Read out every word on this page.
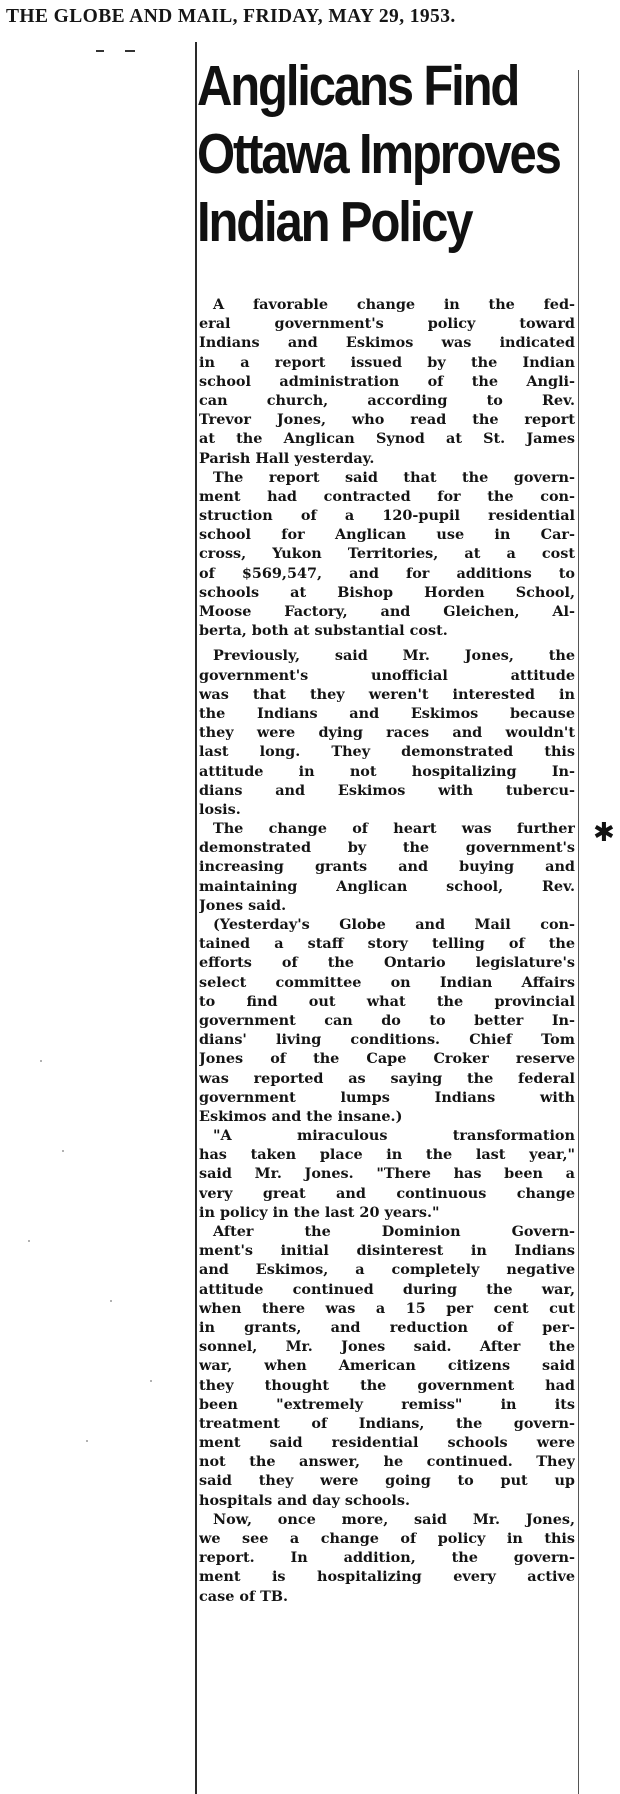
THE GLOBE AND MAIL, FRIDAY, MAY 29, 1953.
Anglicans Find
Ottawa Improves
Indian Policy

A favorable change in the fed-
eral government's policy toward
Indians and Eskimos was indicated
in a report issued by the Indian
school administration of the Angli-
can church, according to Rev.
Trevor Jones, who read the report
at the Anglican Synod at St. James
Parish Hall yesterday.

The report said that the govern-
ment had contracted for the con-
struction of a 120-pupil residential
school for Anglican use in Car-
cross, Yukon Territories, at a cost
of $569,547, and for additions to
schools at Bishop Horden School,
Moose Factory, and Gleichen, Al-
berta, both at substantial cost.

Previously, said Mr. Jones, the
government's unofficial attitude
was that they weren't interested in
the Indians and Eskimos because
they were dying races and wouldn't
last long. They demonstrated this
attitude in not hospitalizing In-
dians and Eskimos with tubercu-
losis.

The change of heart was further
demonstrated by the government's
increasing grants and buying and
maintaining Anglican school, Rev.
Jones said.

(Yesterday's Globe and Mail con-
tained a staff story telling of the
efforts of the Ontario legislature's
select committee on Indian Affairs
to find out what the provincial
government can do to better In-
dians' living conditions. Chief Tom
Jones of the Cape Croker reserve
was reported as saying the federal
government lumps Indians with
Eskimos and the insane.)

"A miraculous transformation
has taken place in the last year,"
said Mr. Jones. "There has been a
very great and continuous change
in policy in the last 20 years."

After the Dominion Govern-
ment's initial disinterest in Indians
and Eskimos, a completely negative
attitude continued during the war,
when there was a 15 per cent cut
in grants, and reduction of per-
sonnel, Mr. Jones said. After the
war, when American citizens said
they thought the government had
been "extremely remiss" in its
treatment of Indians, the govern-
ment said residential schools were
not the answer, he continued. They
said they were going to put up
hospitals and day schools.

Now, once more, said Mr. Jones,
we see a change of policy in this
report. In addition, the govern-
ment is hospitalizing every active
case of TB.

✱
